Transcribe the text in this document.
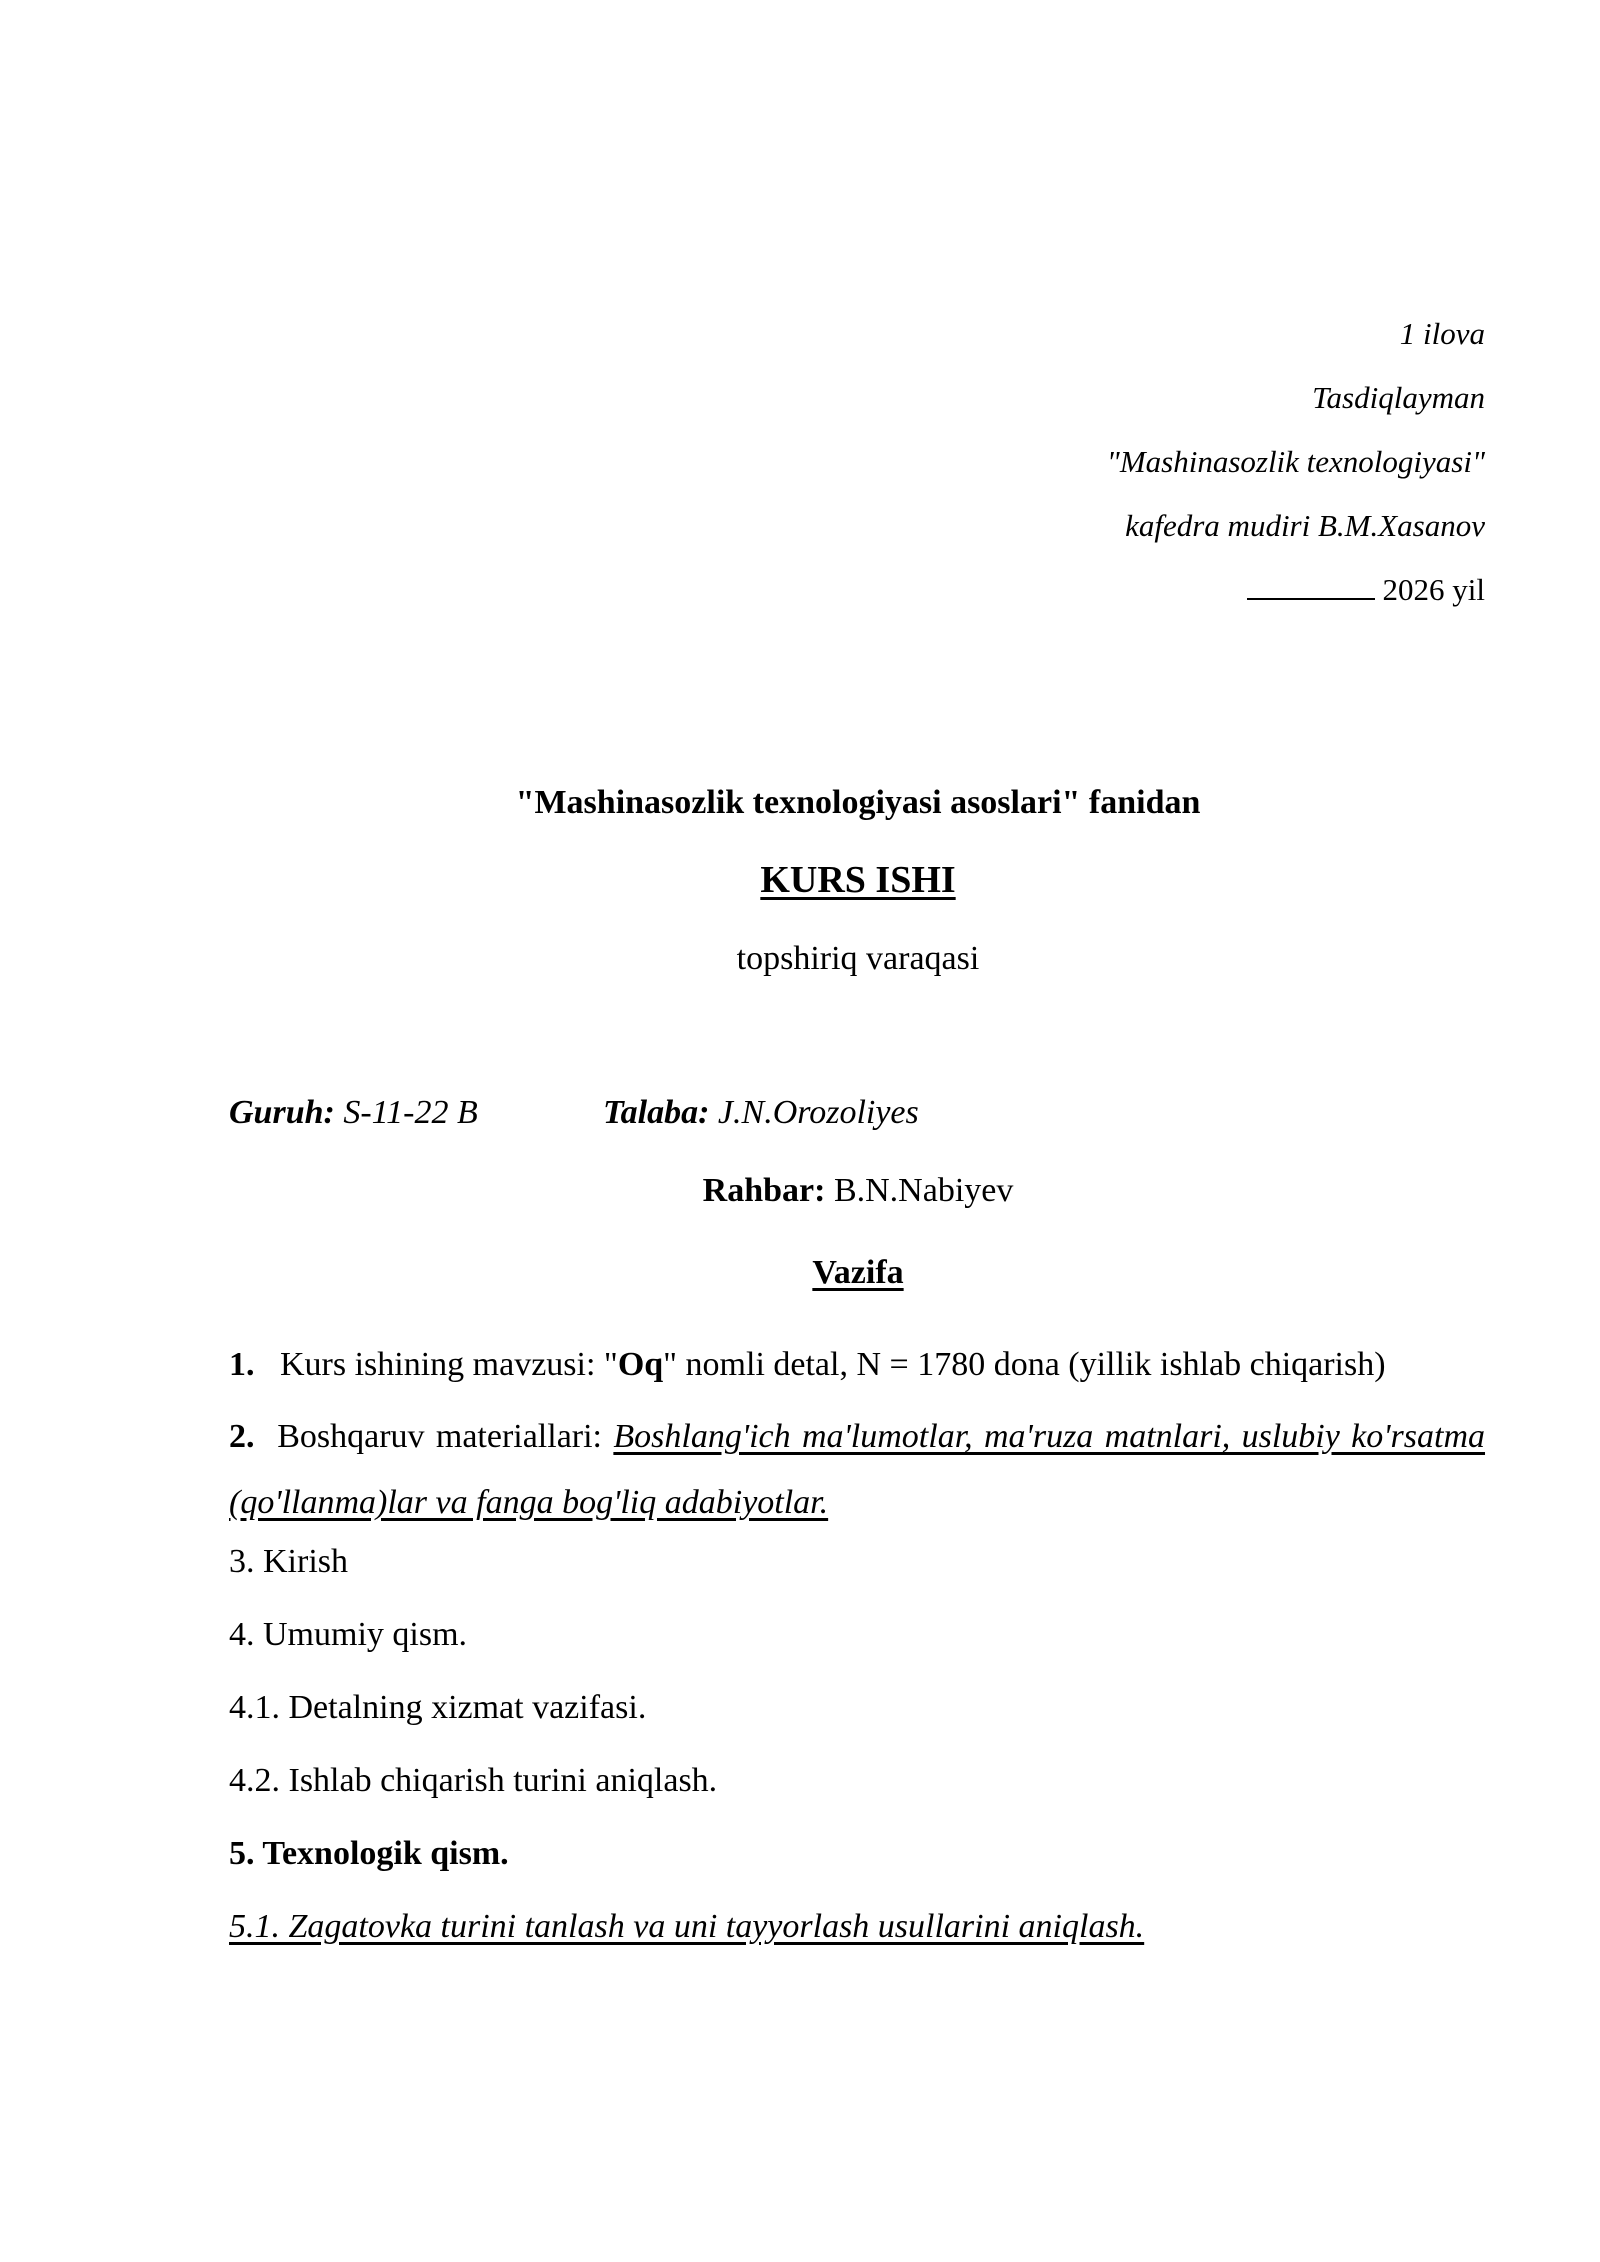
1 ilova
Tasdiqlayman
"Mashinasozlik texnologiyasi"
kafedra mudiri B.M.Xasanov
2026 yil
"Mashinasozlik texnologiyasi asoslari" fanidan
KURS ISHI
topshiriq varaqasi
Guruh: S-11-22 B	Talaba: J.N.Orozoliyes
Rahbar: B.N.Nabiyev
Vazifa

1. Kurs ishining mavzusi: "Oq" nomli detal, N = 1780 dona (yillik ishlab chiqarish)

2. Boshqaruv materiallari: Boshlang'ich ma'lumotlar, ma'ruza matnlari, uslubiy ko'rsatma (qo'llanma)lar va fanga bog'liq adabiyotlar.

3. Kirish
4. Umumiy qism.
4.1. Detalning xizmat vazifasi.
4.2. Ishlab chiqarish turini aniqlash.
5. Texnologik qism.
5.1. Zagatovka turini tanlash va uni tayyorlash usullarini aniqlash.
